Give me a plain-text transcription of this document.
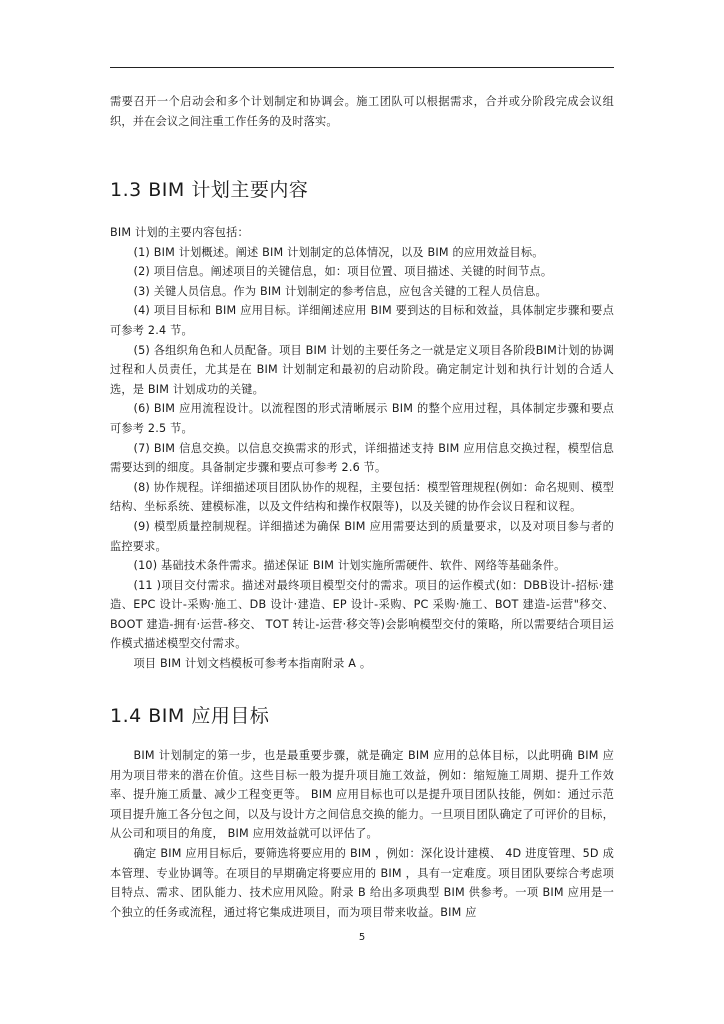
需要召开一个启动会和多个计划制定和协调会。施工团队可以根据需求，合并或分阶段完成会议组织，并在会议之间注重工作任务的及时落实。

1.3 BIM 计划主要内容

BIM 计划的主要内容包括：

(1) BIM 计划概述。阐述 BIM 计划制定的总体情况，以及 BIM 的应用效益目标。

(2) 项目信息。阐述项目的关键信息，如：项目位置、项目描述、关键的时间节点。

(3) 关键人员信息。作为 BIM 计划制定的参考信息，应包含关键的工程人员信息。

(4) 项目目标和 BIM 应用目标。详细阐述应用 BIM 要到达的目标和效益，具体制定步骤和要点可参考 2.4 节。

(5) 各组织角色和人员配备。项目 BIM 计划的主要任务之一就是定义项目各阶段BIM计划的协调过程和人员责任，尤其是在 BIM 计划制定和最初的启动阶段。确定制定计划和执行计划的合适人选，是 BIM 计划成功的关键。

(6) BIM 应用流程设计。以流程图的形式清晰展示 BIM 的整个应用过程，具体制定步骤和要点可参考 2.5 节。

(7) BIM 信息交换。以信息交换需求的形式，详细描述支持 BIM 应用信息交换过程，模型信息需要达到的细度。具备制定步骤和要点可参考 2.6 节。

(8) 协作规程。详细描述项目团队协作的规程，主要包括：模型管理规程(例如：命名规则、模型结构、坐标系统、建模标准，以及文件结构和操作权限等)，以及关键的协作会议日程和议程。

(9) 模型质量控制规程。详细描述为确保 BIM 应用需要达到的质量要求，以及对项目参与者的监控要求。

(10) 基础技术条件需求。描述保证 BIM 计划实施所需硬件、软件、网络等基础条件。

(11 )项目交付需求。描述对最终项目模型交付的需求。项目的运作模式(如：DBB设计-招标·建造、EPC 设计-采购·施工、DB 设计·建造、EP 设计-采购、PC 采购·施工、BOT 建造-运营"移交、 BOOT 建造-拥有·运营-移交、 TOT 转让-运营·移交等)会影响模型交付的策略，所以需要结合项目运作模式描述模型交付需求。

项目 BIM 计划文档模板可参考本指南附录 A 。

1.4 BIM 应用目标

BIM 计划制定的第一步，也是最重要步骤，就是确定 BIM 应用的总体目标，以此明确 BIM 应用为项目带来的潜在价值。这些目标一般为提升项目施工效益，例如：缩短施工周期、提升工作效率、提升施工质量、减少工程变更等。 BIM 应用目标也可以是提升项目团队技能，例如：通过示范项目提升施工各分包之间，以及与设计方之间信息交换的能力。一旦项目团队确定了可评价的目标，从公司和项目的角度， BIM 应用效益就可以评估了。

确定 BIM 应用目标后，要筛选将要应用的 BIM ，例如：深化设计建模、 4D 进度管理、5D 成本管理、专业协调等。在项目的早期确定将要应用的 BIM ，具有一定难度。项目团队要综合考虑项目特点、需求、团队能力、技术应用风险。附录 B 给出多项典型 BIM 供参考。一项 BIM 应用是一个独立的任务或流程，通过将它集成进项目，而为项目带来收益。BIM 应

5
